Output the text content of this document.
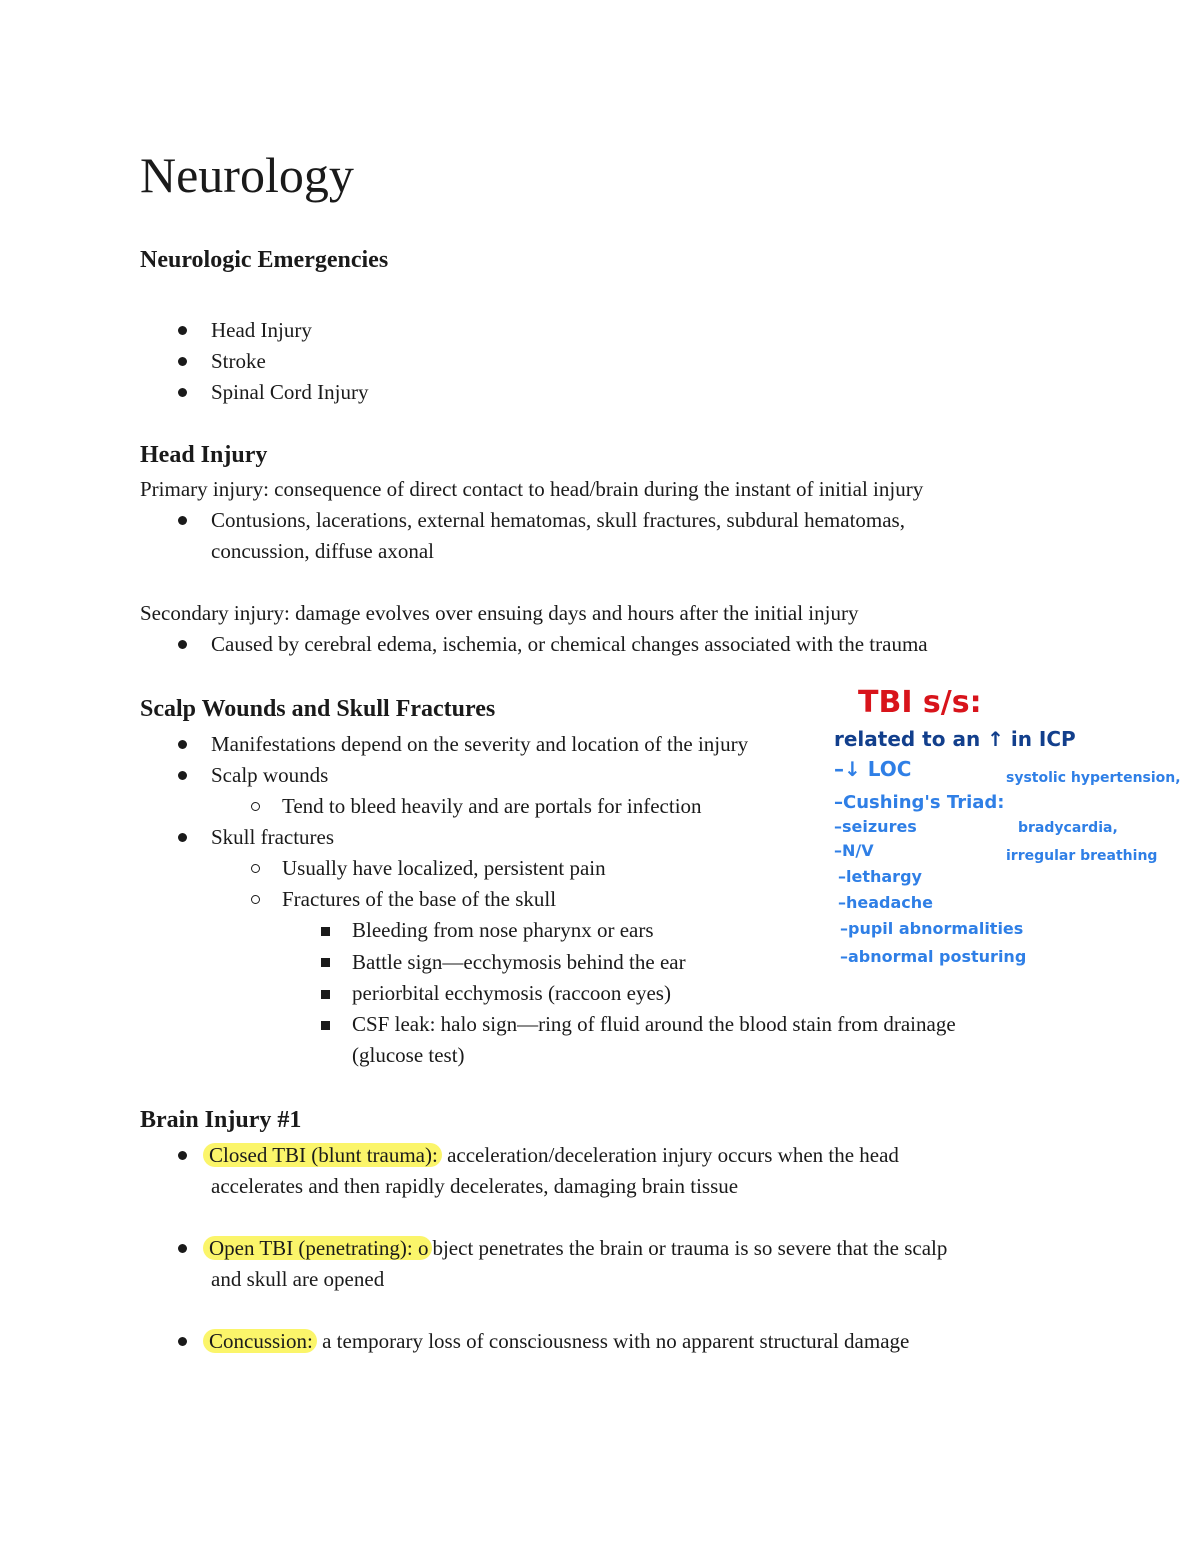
Neurology
Neurologic Emergencies
Head Injury
Stroke
Spinal Cord Injury
Head Injury
Primary injury: consequence of direct contact to head/brain during the instant of initial injury
Contusions, lacerations, external hematomas, skull fractures, subdural hematomas,
concussion, diffuse axonal
Secondary injury: damage evolves over ensuing days and hours after the initial injury
Caused by cerebral edema, ischemia, or chemical changes associated with the trauma
Scalp Wounds and Skull Fractures
Manifestations depend on the severity and location of the injury
Scalp wounds
Tend to bleed heavily and are portals for infection
Skull fractures
Usually have localized, persistent pain
Fractures of the base of the skull
Bleeding from nose pharynx or ears
Battle sign—ecchymosis behind the ear
periorbital ecchymosis (raccoon eyes)
CSF leak: halo sign—ring of fluid around the blood stain from drainage
(glucose test)
Brain Injury #1
Closed TBI (blunt trauma): acceleration/deceleration injury occurs when the head
accelerates and then rapidly decelerates, damaging brain tissue
Open TBI (penetrating): o bject penetrates the brain or trauma is so severe that the scalp
and skull are opened
Concussion: a temporary loss of consciousness with no apparent structural damage
TBI s/s:
related to an ↑ in ICP
–↓ LOC
–Cushing's Triad:
–seizures
–N/V
–lethargy
–headache
–pupil abnormalities
–abnormal posturing
systolic hypertension,
bradycardia,
irregular breathing
